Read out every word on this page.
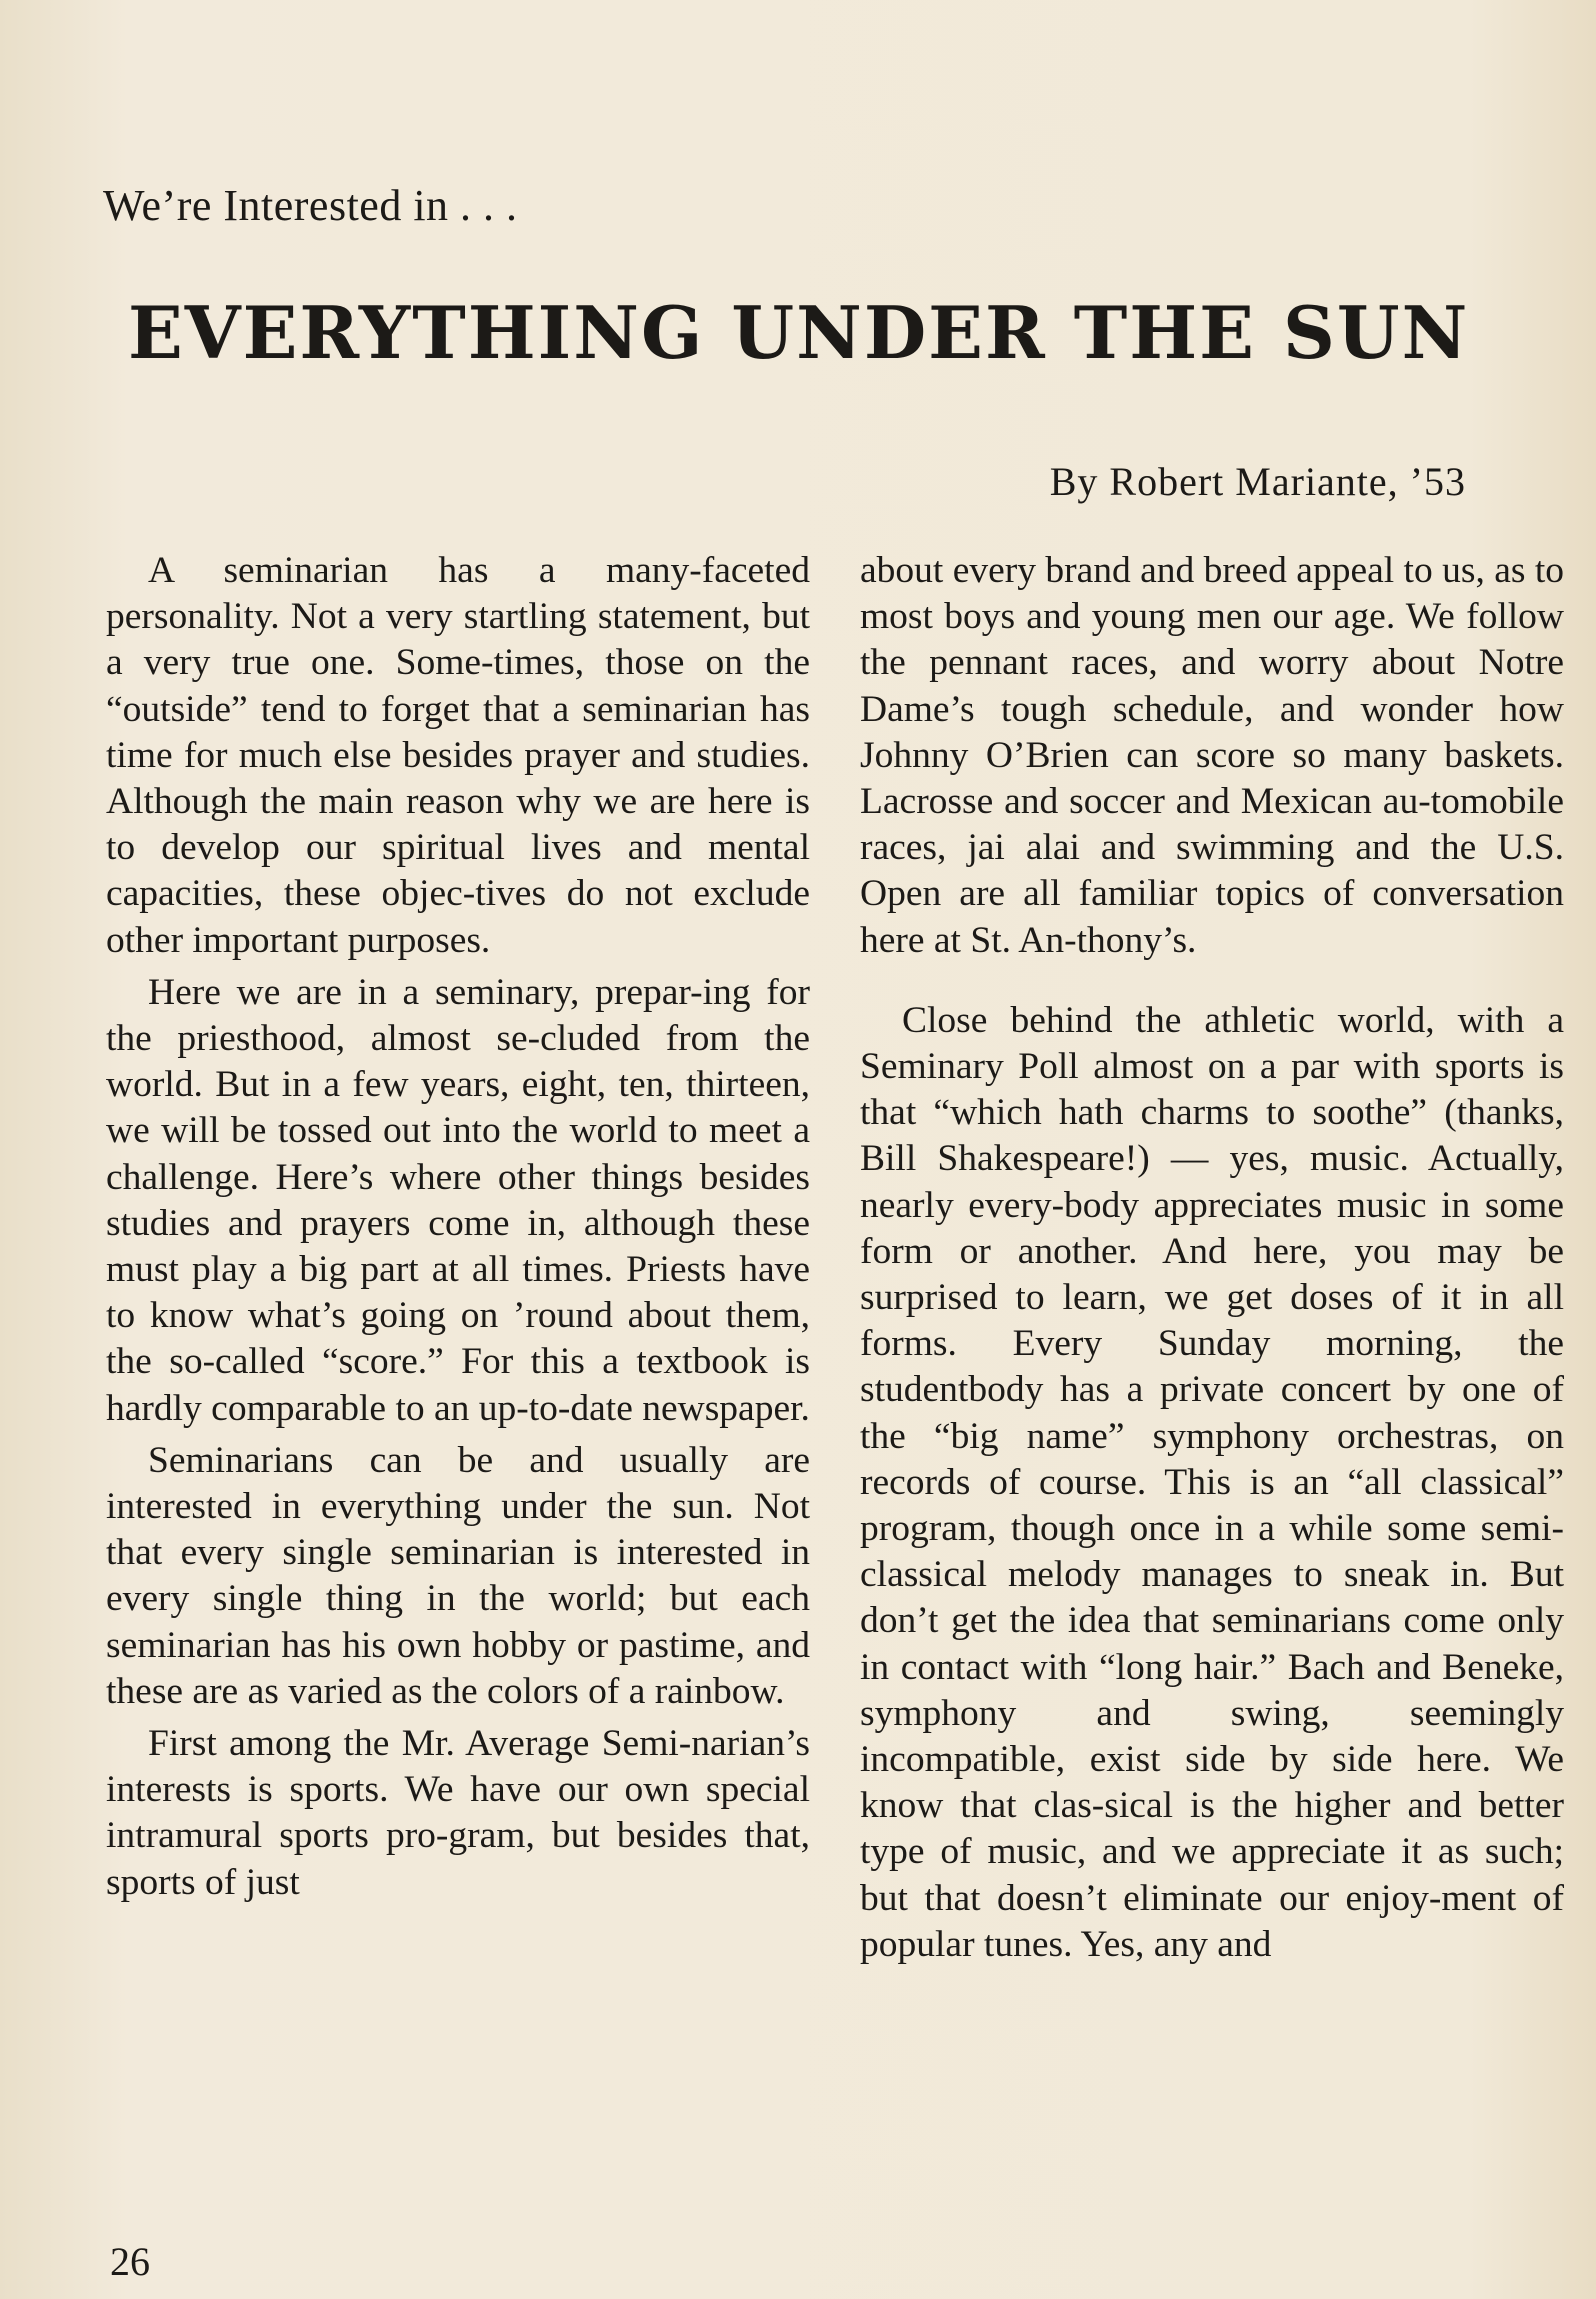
We’re Interested in . . .
EVERYTHING UNDER THE SUN
By Robert Mariante, ’53

A seminarian has a many-faceted personality. Not a very startling statement, but a very true one. Some-times, those on the “outside” tend to forget that a seminarian has time for much else besides prayer and studies. Although the main reason why we are here is to develop our spiritual lives and mental capacities, these objec-tives do not exclude other important purposes.

Here we are in a seminary, prepar-ing for the priesthood, almost se-cluded from the world. But in a few years, eight, ten, thirteen, we will be tossed out into the world to meet a challenge. Here’s where other things besides studies and prayers come in, although these must play a big part at all times. Priests have to know what’s going on ’round about them, the so-called “score.” For this a textbook is hardly comparable to an up-to-date newspaper.

Seminarians can be and usually are interested in everything under the sun. Not that every single seminarian is interested in every single thing in the world; but each seminarian has his own hobby or pastime, and these are as varied as the colors of a rainbow.

First among the Mr. Average Semi-narian’s interests is sports. We have our own special intramural sports pro-gram, but besides that, sports of just

about every brand and breed appeal to us, as to most boys and young men our age. We follow the pennant races, and worry about Notre Dame’s tough schedule, and wonder how Johnny O’Brien can score so many baskets. Lacrosse and soccer and Mexican au-tomobile races, jai alai and swimming and the U.S. Open are all familiar topics of conversation here at St. An-thony’s.

Close behind the athletic world, with a Seminary Poll almost on a par with sports is that “which hath charms to soothe” (thanks, Bill Shakespeare!) — yes, music. Actually, nearly every-body appreciates music in some form or another. And here, you may be surprised to learn, we get doses of it in all forms. Every Sunday morning, the studentbody has a private concert by one of the “big name” symphony orchestras, on records of course. This is an “all classical” program, though once in a while some semi-classical melody manages to sneak in. But don’t get the idea that seminarians come only in contact with “long hair.” Bach and Beneke, symphony and swing, seemingly incompatible, exist side by side here. We know that clas-sical is the higher and better type of music, and we appreciate it as such; but that doesn’t eliminate our enjoy-ment of popular tunes. Yes, any and

26
